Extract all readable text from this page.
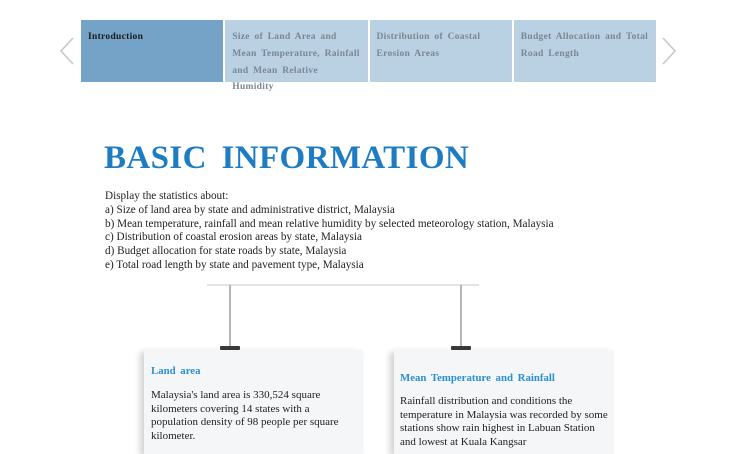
Introduction	Size of Land Area and Mean Temperature, Rainfall and Mean Relative Humidity
Distribution of Coastal Erosion Areas
Budget Allocation and Total Road Length
BASIC INFORMATION
Display the statistics about:
a) Size of land area by state and administrative district, Malaysia
b) Mean temperature, rainfall and mean relative humidity by selected meteorology station, Malaysia
c) Distribution of coastal erosion areas by state, Malaysia
d) Budget allocation for state roads by state, Malaysia
e) Total road length by state and pavement type, Malaysia
Land area
Malaysia's land area is 330,524 square kilometers covering 14 states with a population density of 98 people per square kilometer.
Mean Temperature and Rainfall
Rainfall distribution and conditions the temperature in Malaysia was recorded by some stations show rain highest in Labuan Station and lowest at Kuala Kangsar
